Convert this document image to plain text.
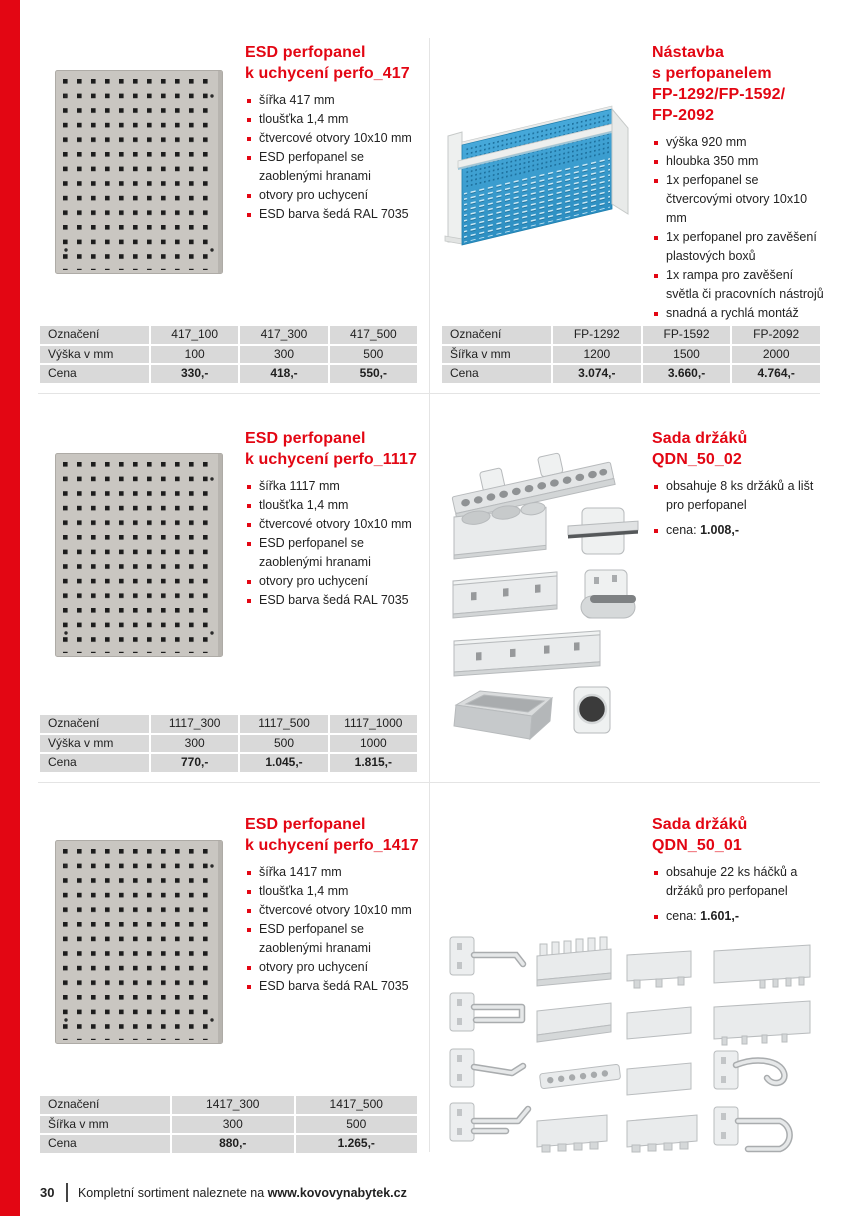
ESD perfopanel
k uchycení perfo_417
šířka 417 mm
tloušťka 1,4 mm
čtvercové otvory 10x10 mm
ESD perfopanel se zaoblenými hranami
otvory pro uchycení
ESD barva šedá RAL 7035
Označení	417_100	417_300	417_500
Výška v mm	100	300	500
Cena	330,-	418,-	550,-
Nástavba
s perfopanelem
FP-1292/FP-1592/
FP-2092
výška 920 mm
hloubka 350 mm
1x perfopanel se čtvercovými otvory 10x10 mm
1x perfopanel pro zavěšení plastových boxů
1x rampa pro zavěšení světla či pracovních nástrojů
snadná a rychlá montáž
Označení	FP-1292	FP-1592	FP-2092
Šířka v mm	1200	1500	2000
Cena	3.074,-	3.660,-	4.764,-
ESD perfopanel
k uchycení perfo_1117
šířka 1117 mm
tloušťka 1,4 mm
čtvercové otvory 10x10 mm
ESD perfopanel se zaoblenými hranami
otvory pro uchycení
ESD barva šedá RAL 7035
Označení	1117_300	1117_500	1117_1000
Výška v mm	300	500	1000
Cena	770,-	1.045,-	1.815,-
Sada držáků
QDN_50_02
obsahuje 8 ks držáků a lišt pro perfopanel
cena: 1.008,-
ESD perfopanel
k uchycení perfo_1417
šířka 1417 mm
tloušťka 1,4 mm
čtvercové otvory 10x10 mm
ESD perfopanel se zaoblenými hranami
otvory pro uchycení
ESD barva šedá RAL 7035
Označení	1417_300	1417_500
Šířka v mm	300	500
Cena	880,-	1.265,-
Sada držáků
QDN_50_01
obsahuje 22 ks háčků a držáků pro perfopanel
cena: 1.601,-
30 Kompletní sortiment naleznete na www.kovovynabytek.cz
